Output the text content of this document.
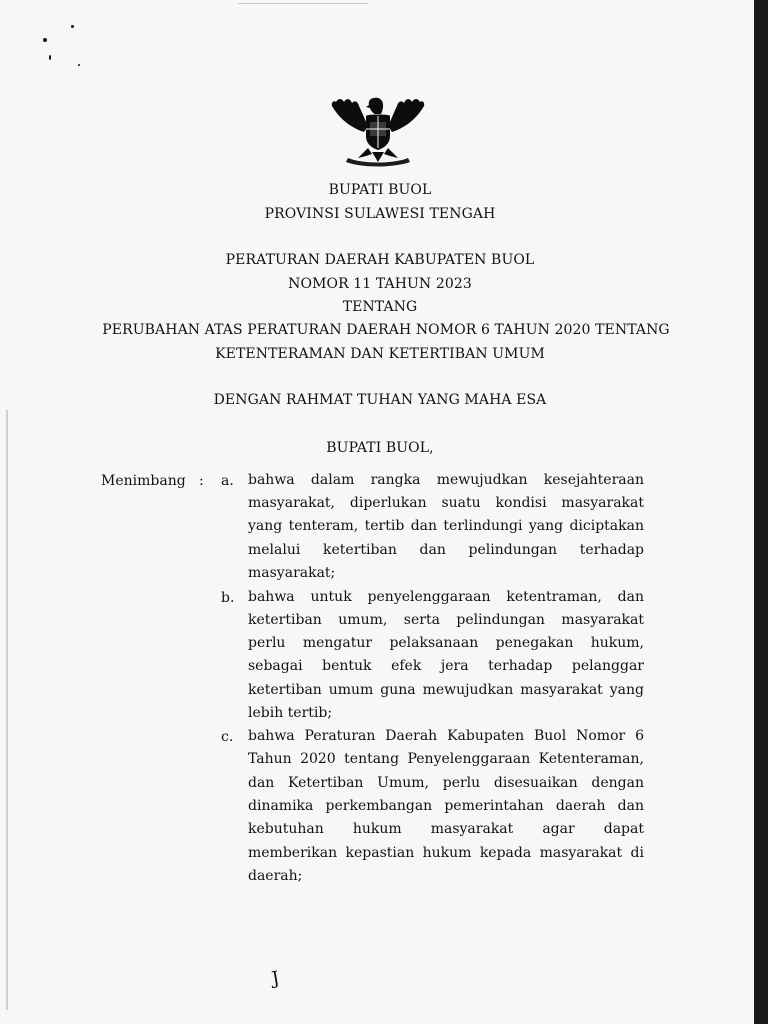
BUPATI BUOL
PROVINSI SULAWESI TENGAH
PERATURAN DAERAH KABUPATEN BUOL
NOMOR 11 TAHUN 2023
TENTANG
PERUBAHAN ATAS PERATURAN DAERAH NOMOR 6 TAHUN 2020 TENTANG
KETENTERAMAN DAN KETERTIBAN UMUM
DENGAN RAHMAT TUHAN YANG MAHA ESA
BUPATI BUOL,
Menimbang : a. bahwa dalam rangka mewujudkan kesejahteraan
masyarakat, diperlukan suatu kondisi masyarakat
yang tenteram, tertib dan terlindungi yang diciptakan
melalui ketertiban dan pelindungan terhadap
masyarakat;
b. bahwa untuk penyelenggaraan ketentraman, dan
ketertiban umum, serta pelindungan masyarakat
perlu mengatur pelaksanaan penegakan hukum,
sebagai bentuk efek jera terhadap pelanggar
ketertiban umum guna mewujudkan masyarakat yang
lebih tertib;
c. bahwa Peraturan Daerah Kabupaten Buol Nomor 6
Tahun 2020 tentang Penyelenggaraan Ketenteraman,
dan Ketertiban Umum, perlu disesuaikan dengan
dinamika perkembangan pemerintahan daerah dan
kebutuhan hukum masyarakat agar dapat
memberikan kepastian hukum kepada masyarakat di
daerah;
J
